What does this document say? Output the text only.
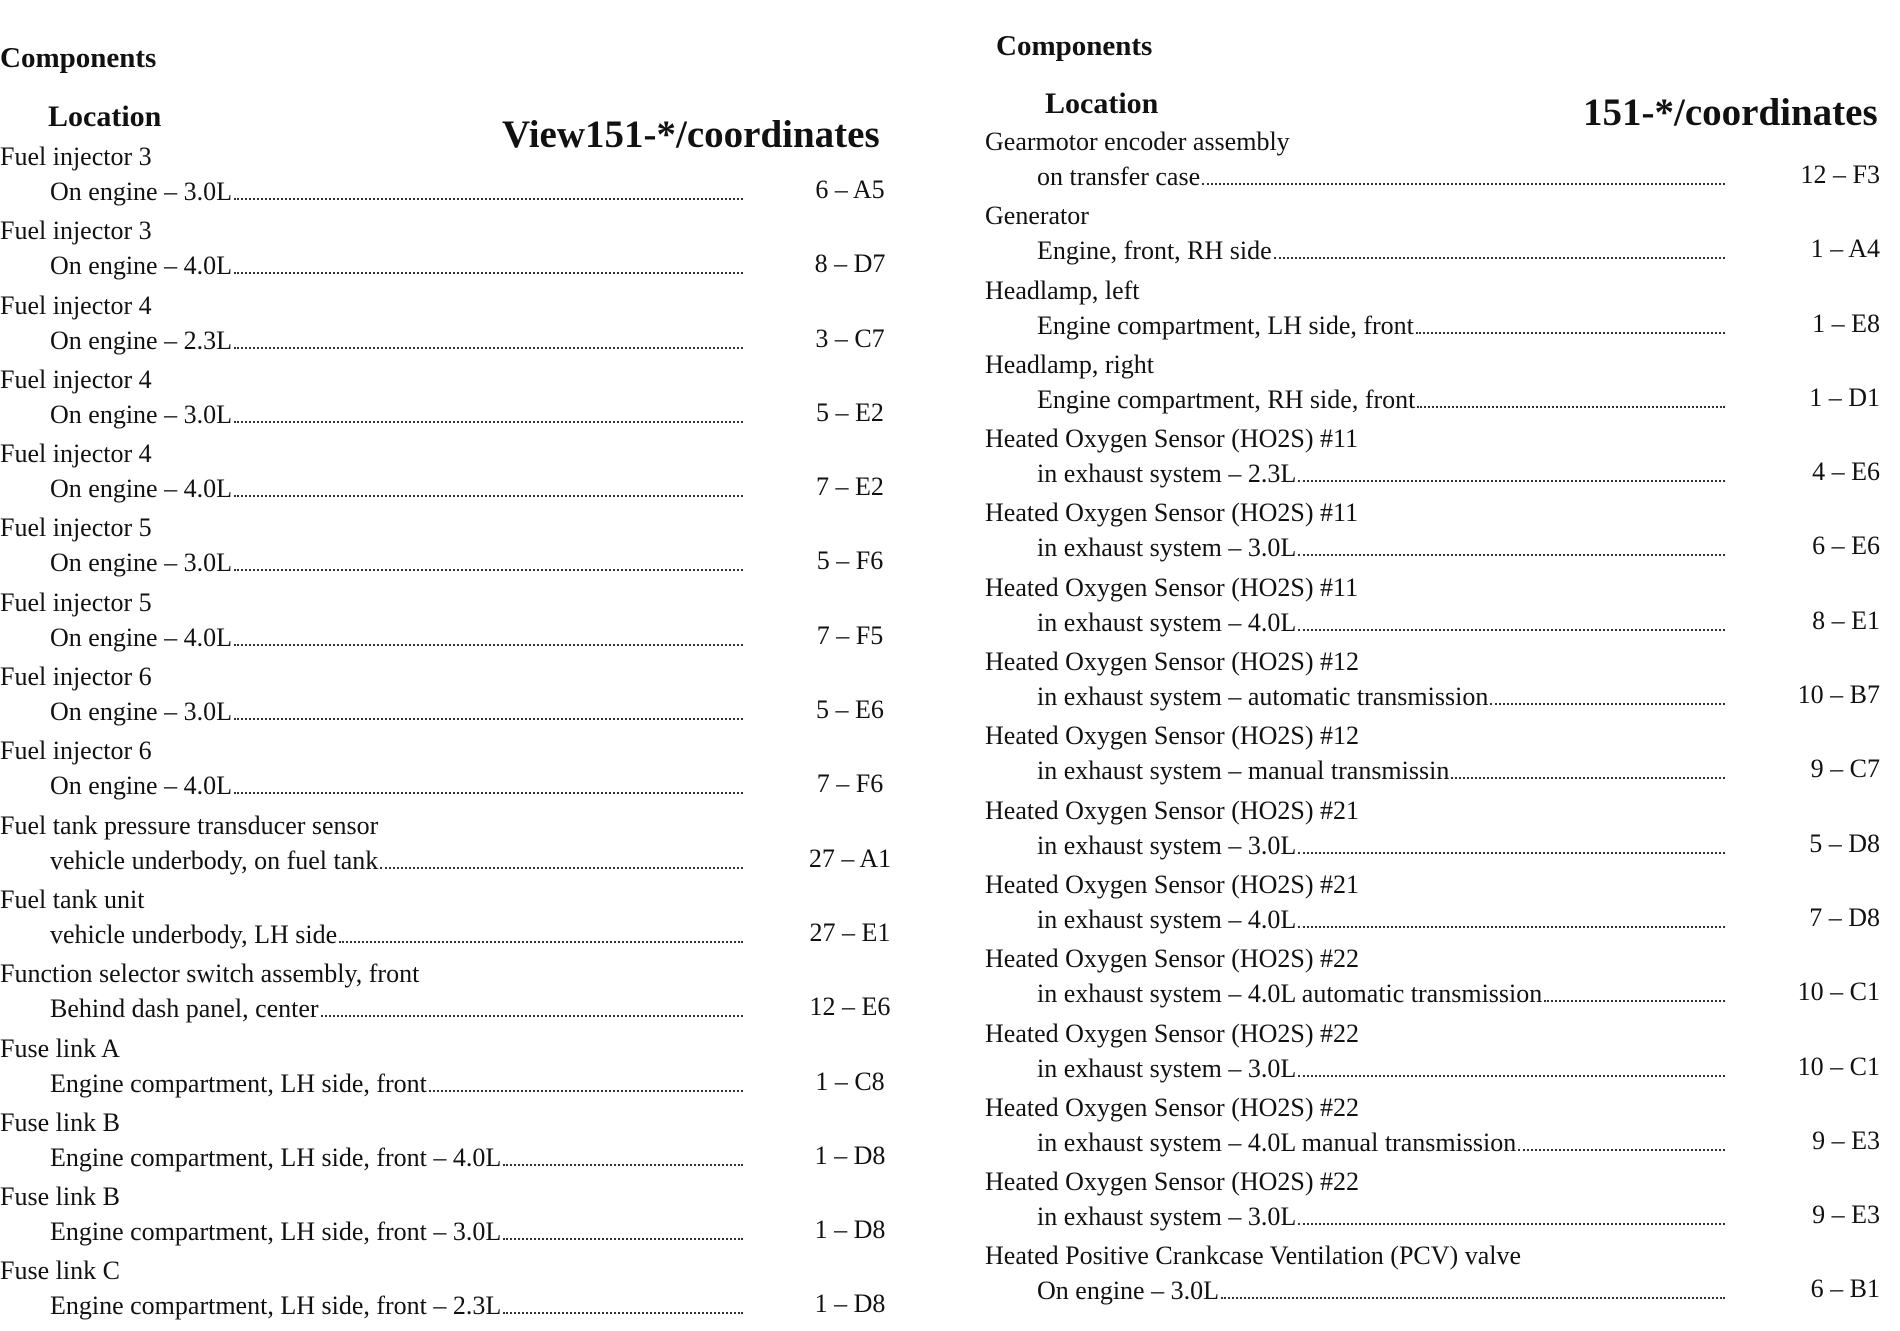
Components
Location	View151-*/coordinates
Fuel injector 3
On engine – 3.0L	6 – A5
Fuel injector 3
On engine – 4.0L	8 – D7
Fuel injector 4
On engine – 2.3L	3 – C7
Fuel injector 4
On engine – 3.0L	5 – E2
Fuel injector 4
On engine – 4.0L	7 – E2
Fuel injector 5
On engine – 3.0L	5 – F6
Fuel injector 5
On engine – 4.0L	7 – F5
Fuel injector 6
On engine – 3.0L	5 – E6
Fuel injector 6
On engine – 4.0L	7 – F6
Fuel tank pressure transducer sensor
vehicle underbody, on fuel tank	27 – A1
Fuel tank unit
vehicle underbody, LH side	27 – E1
Function selector switch assembly, front
Behind dash panel, center	12 – E6
Fuse link A
Engine compartment, LH side, front	1 – C8
Fuse link B
Engine compartment, LH side, front – 4.0L	1 – D8
Fuse link B
Engine compartment, LH side, front – 3.0L	1 – D8
Fuse link C
Engine compartment, LH side, front – 2.3L	1 – D8
Components
Location	151-*/coordinates
Gearmotor encoder assembly
on transfer case	12 – F3
Generator
Engine, front, RH side	1 – A4
Headlamp, left
Engine compartment, LH side, front	1 – E8
Headlamp, right
Engine compartment, RH side, front	1 – D1
Heated Oxygen Sensor (HO2S) #11
in exhaust system – 2.3L	4 – E6
Heated Oxygen Sensor (HO2S) #11
in exhaust system – 3.0L	6 – E6
Heated Oxygen Sensor (HO2S) #11
in exhaust system – 4.0L	8 – E1
Heated Oxygen Sensor (HO2S) #12
in exhaust system – automatic transmission	10 – B7
Heated Oxygen Sensor (HO2S) #12
in exhaust system – manual transmissin	9 – C7
Heated Oxygen Sensor (HO2S) #21
in exhaust system – 3.0L	5 – D8
Heated Oxygen Sensor (HO2S) #21
in exhaust system – 4.0L	7 – D8
Heated Oxygen Sensor (HO2S) #22
in exhaust system – 4.0L automatic transmission	10 – C1
Heated Oxygen Sensor (HO2S) #22
in exhaust system – 3.0L	10 – C1
Heated Oxygen Sensor (HO2S) #22
in exhaust system – 4.0L manual transmission	9 – E3
Heated Oxygen Sensor (HO2S) #22
in exhaust system – 3.0L	9 – E3
Heated Positive Crankcase Ventilation (PCV) valve
On engine – 3.0L	6 – B1
